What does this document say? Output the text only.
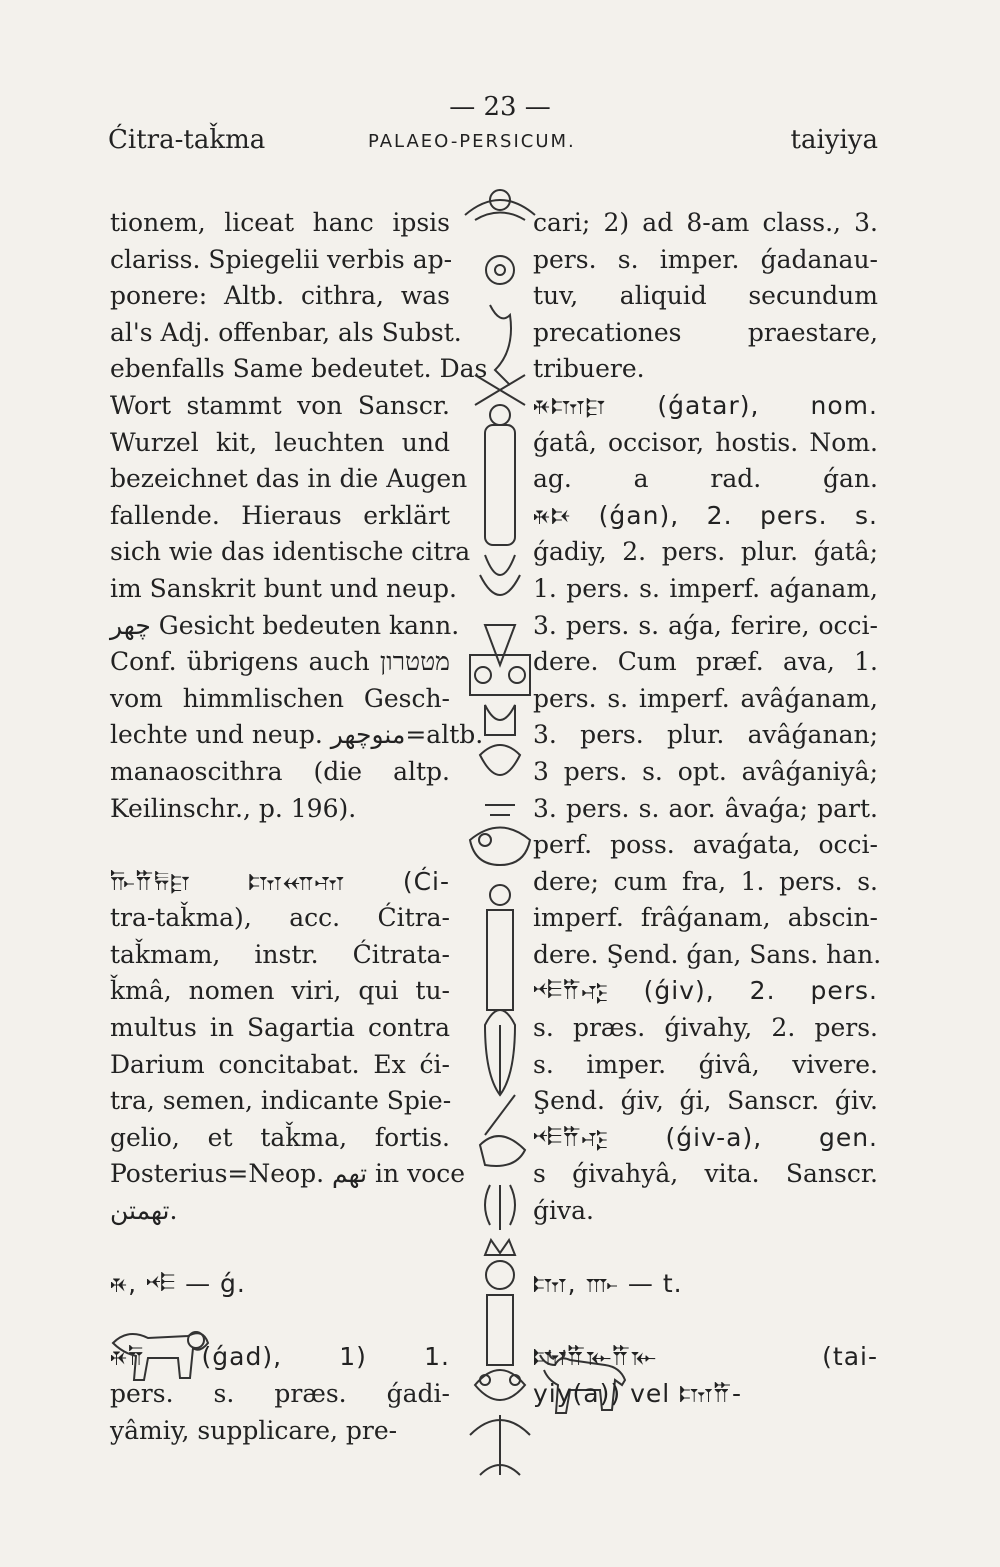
— 23 —
Ćitra-taǩma	PALAEO-PERSICUM.	taiyiya
tionem, liceat hanc ipsis
clariss. Spiegelii verbis ap-
ponere: Altb. cithra, was
al's Adj. offenbar, als Subst.
ebenfalls Same bedeutet. Das
Wort stammt von Sanscr.
Wurzel kit, leuchten und
bezeichnet das in die Augen
fallende. Hieraus erklärt
sich wie das identische citra
im Sanskrit bunt und neup.
چهر Gesicht bedeuten kann.
Conf. übrigens auch מטטרון
vom himmlischen Gesch-
lechte und neup. منوچهر=altb.
manaoscithra (die altp.
Keilinschr., p. 196).
𐎨𐎡𐏂𐎼 𐎫𐎧𐎶 (Ći-
tra-taǩma), acc. Ćitra-
taǩmam, instr. Ćitrata-
ǩmâ, nomen viri, qui tu-
multus in Sagartia contra
Darium concitabat. Ex ći-
tra, semen, indicante Spie-
gelio, et taǩma, fortis.
Posterius=Neop. تهم in voce
تهمتن.
𐎩, 𐎪 — ǵ.
𐎩𐎭 (ǵad), 1) 1.
pers. s. præs. ǵadi-
yâmiy, supplicare, pre-
cari; 2) ad 8-am class., 3.
pers. s. imper. ǵadanau-
tuv, aliquid secundum
precationes praestare,
tribuere.
𐎩𐎫𐎼 (ǵatar), nom.
ǵatâ, occisor, hostis. Nom.
ag. a rad. ǵan.
𐎩𐎴 (ǵan), 2. pers. s.
ǵadiy, 2. pers. plur. ǵatâ;
1. pers. s. imperf. aǵanam,
3. pers. s. aǵa, ferire, occi-
dere. Cum præf. ava, 1.
pers. s. imperf. avâǵanam,
3. pers. plur. avâǵanan;
3 pers. s. opt. avâǵaniyâ;
3. pers. s. aor. âvaǵa; part.
perf. poss. avaǵata, occi-
dere; cum fra, 1. pers. s.
imperf. frâǵanam, abscin-
dere. Şend. ǵan, Sans. han.
𐎪𐎡𐎺 (ǵiv), 2. pers.
s. præs. ǵivahy, 2. pers.
s. imper. ǵivâ, vivere.
Şend. ǵiv, ǵi, Sanscr. ǵiv.
𐎪𐎡𐎺 (ǵiv-a), gen.
s ǵivahyâ, vita. Sanscr.
ǵiva.
𐎫, 𐎬 — t.
𐎫𐎡𐎹𐎡𐎹 (tai-
yiy(a)) vel 𐎫𐎡-
